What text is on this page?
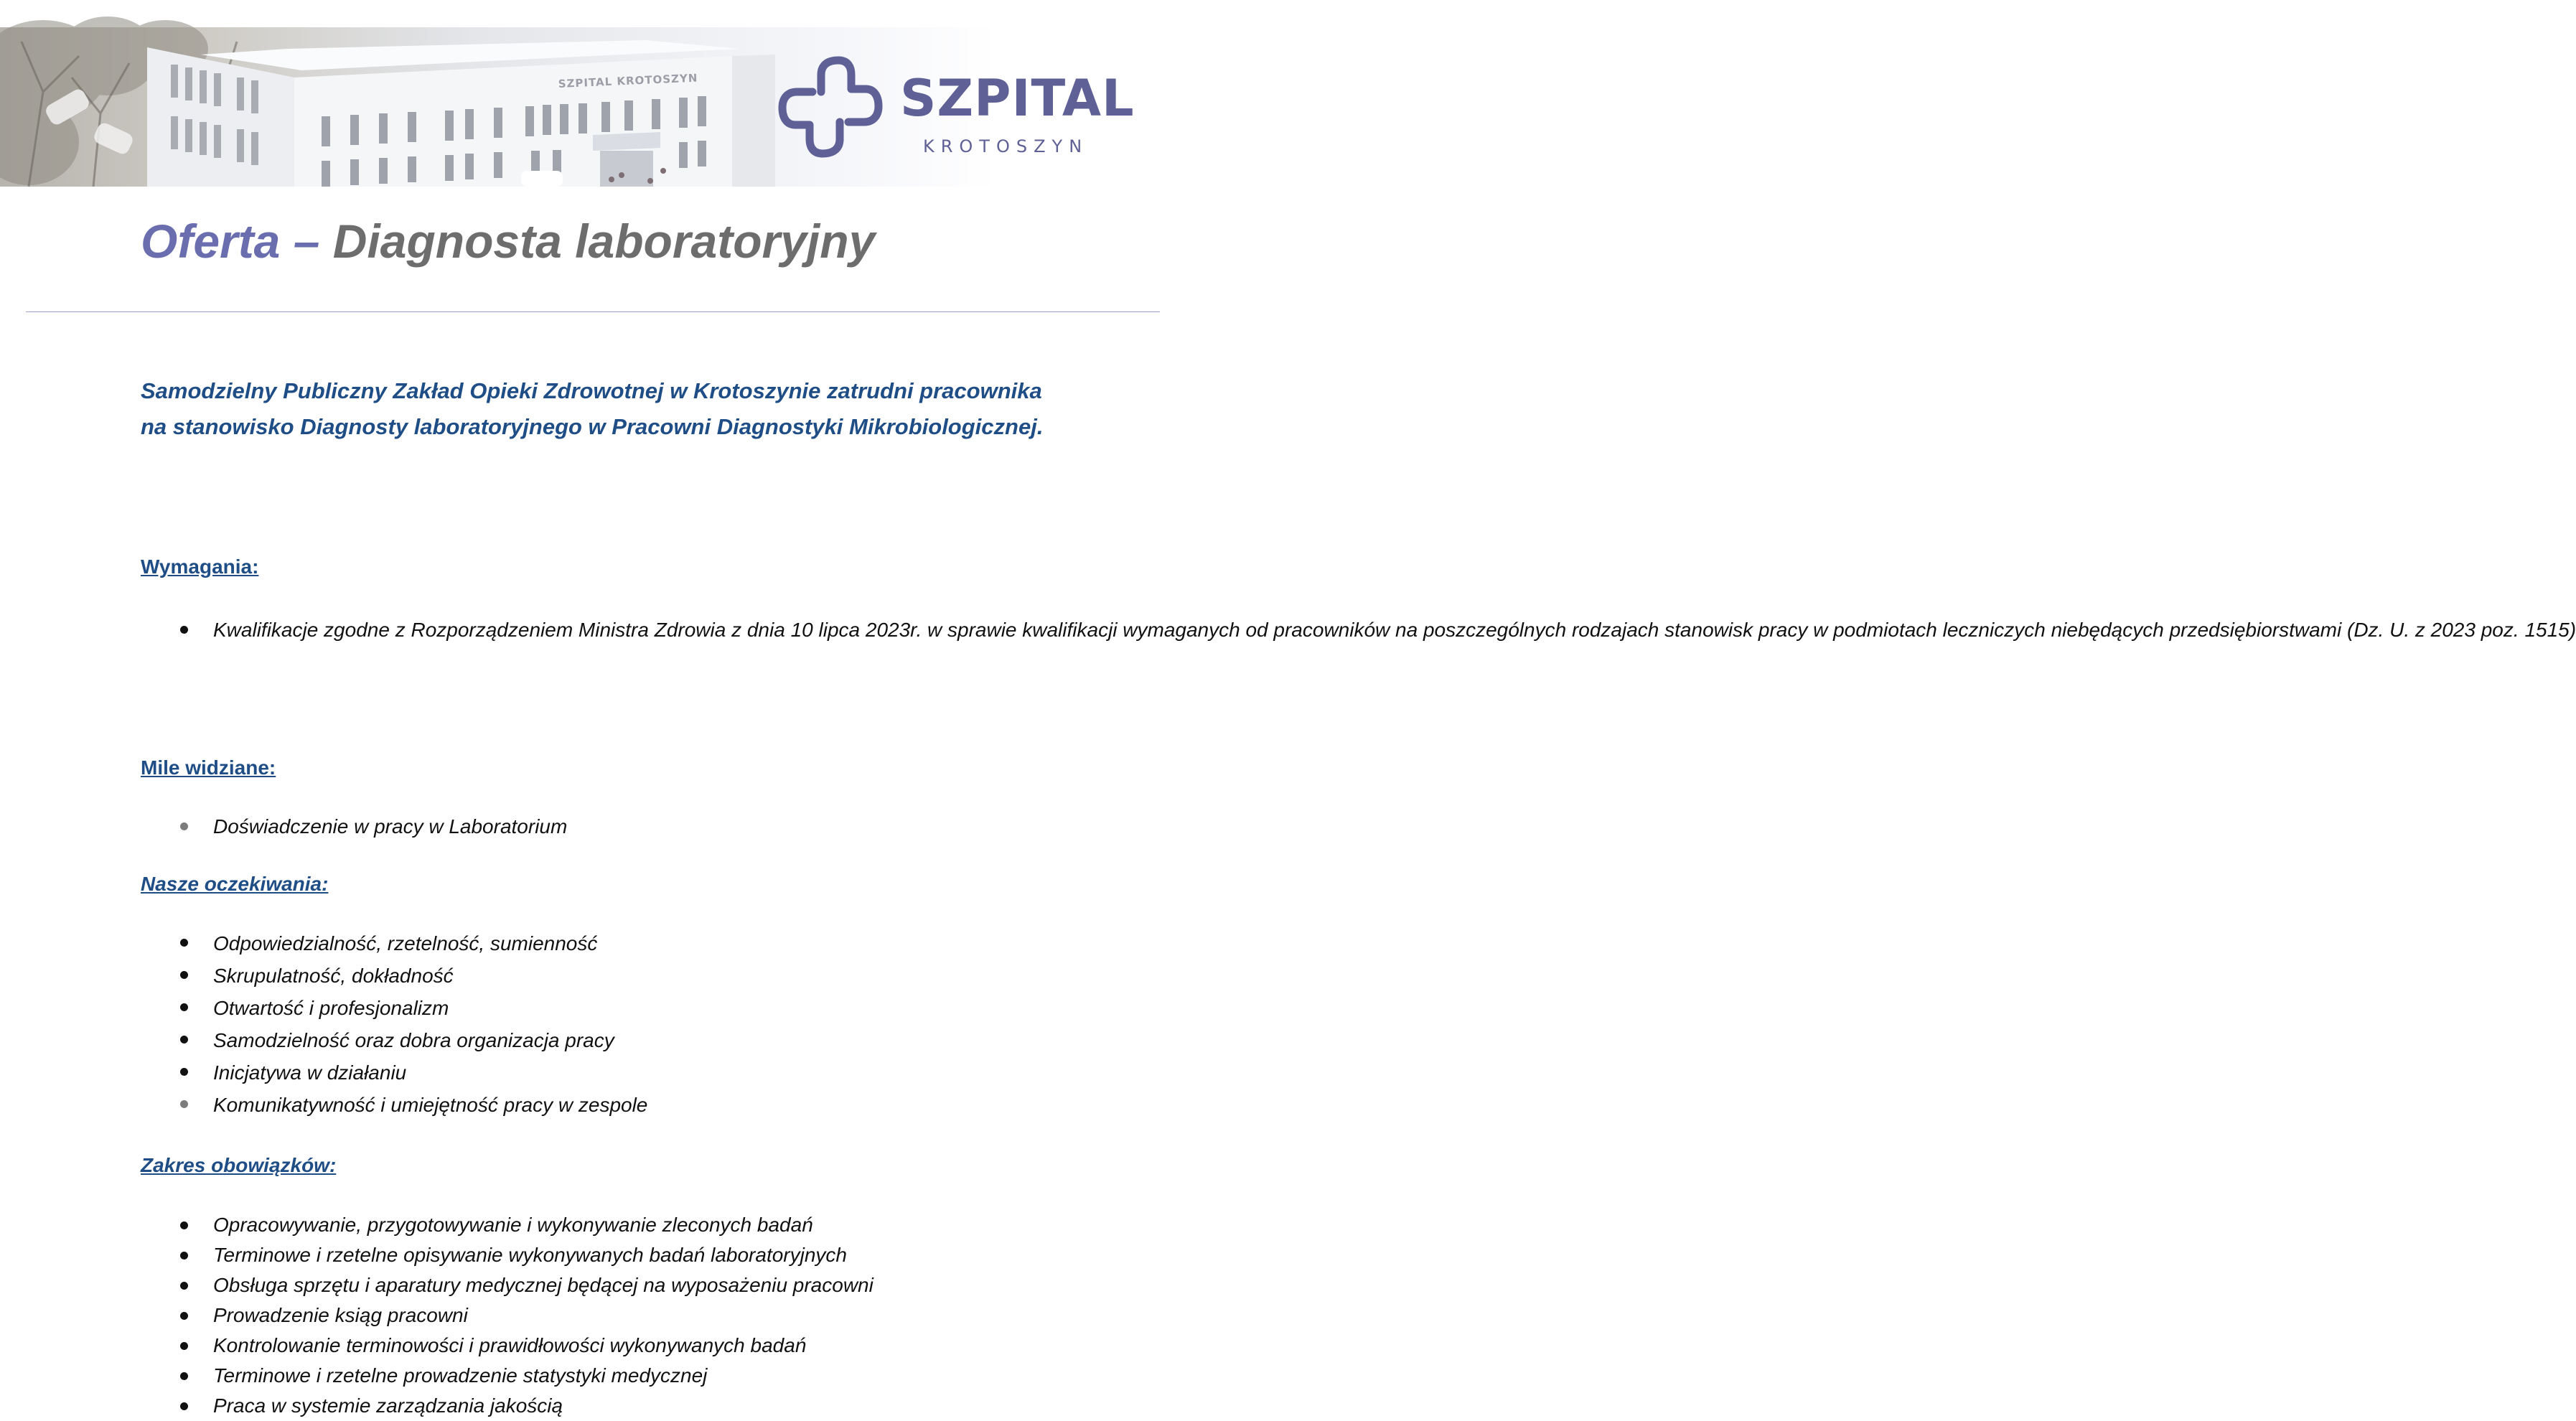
SZPITAL KROTOSZYN	SZPITAL
KROTOSZYN
Oferta – Diagnosta laboratoryjny

Samodzielny Publiczny Zakład Opieki Zdrowotnej w Krotoszynie zatrudni pracownika na stanowisko Diagnosty laboratoryjnego w Pracowni Diagnostyki Mikrobiologicznej.

Wymagania:
Kwalifikacje zgodne z Rozporządzeniem Ministra Zdrowia z dnia 10 lipca 2023r. w sprawie kwalifikacji wymaganych od pracowników na poszczególnych rodzajach stanowisk pracy w podmiotach leczniczych niebędących przedsiębiorstwami (Dz. U. z 2023 poz. 1515)
Mile widziane:
Doświadczenie w pracy w Laboratorium
Nasze oczekiwania:
Odpowiedzialność, rzetelność, sumienność
Skrupulatność, dokładność
Otwartość i profesjonalizm
Samodzielność oraz dobra organizacja pracy
Inicjatywa w działaniu
Komunikatywność i umiejętność pracy w zespole
Zakres obowiązków:
Opracowywanie, przygotowywanie i wykonywanie zleconych badań
Terminowe i rzetelne opisywanie wykonywanych badań laboratoryjnych
Obsługa sprzętu i aparatury medycznej będącej na wyposażeniu pracowni
Prowadzenie ksiąg pracowni
Kontrolowanie terminowości i prawidłowości wykonywanych badań
Terminowe i rzetelne prowadzenie statystyki medycznej
Praca w systemie zarządzania jakością
